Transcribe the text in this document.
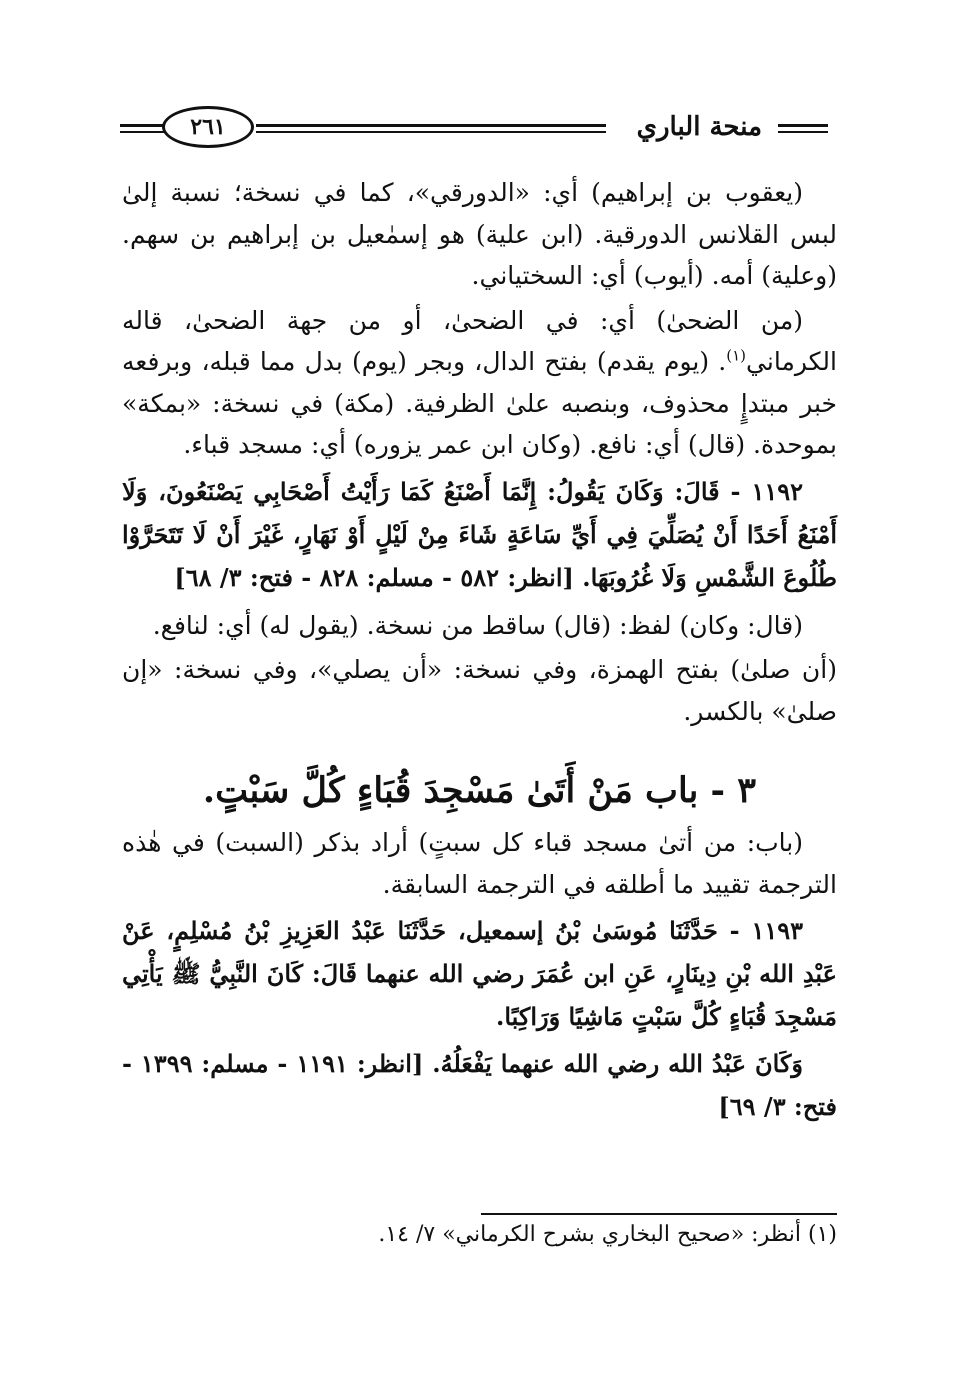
٢٦١	منحة الباري

(يعقوب بن إبراهيم) أي: «الدورقي»، كما في نسخة؛ نسبة إلىٰ لبس القلانس الدورقية. (ابن علية) هو إسمٰعيل بن إبراهيم بن سهم. (وعلية) أمه. (أيوب) أي: السختياني.

(من الضحىٰ) أي: في الضحىٰ، أو من جهة الضحىٰ، قاله الكرماني$^{(١)}$. (يوم يقدم) بفتح الدال، وبجر (يوم) بدل مما قبله، وبرفعه خبر مبتدإٍ محذوف، وبنصبه علىٰ الظرفية. (مكة) في نسخة: «بمكة» بموحدة. (قال) أي: نافع. (وكان ابن عمر يزوره) أي: مسجد قباء.

١١٩٢ - قَالَ: وَكَانَ يَقُولُ: إِنَّمَا أَصْنَعُ كَمَا رَأَيْتُ أَصْحَابِي يَصْنَعُونَ، وَلَا أَمْنَعُ أَحَدًا أَنْ يُصَلِّيَ فِي أَيِّ سَاعَةٍ شَاءَ مِنْ لَيْلٍ أَوْ نَهَارٍ، غَيْرَ أَنْ لَا تَتَحَرَّوْا طُلُوعَ الشَّمْسِ وَلَا غُرُوبَهَا. [انظر: ٥٨٢ - مسلم: ٨٢٨ - فتح: ٣/ ٦٨]

(قال: وكان) لفظ: (قال) ساقط من نسخة. (يقول له) أي: لنافع.

(أن صلىٰ) بفتح الهمزة، وفي نسخة: «أن يصلي»، وفي نسخة: «إن صلىٰ» بالكسر.

٣ - باب مَنْ أَتَىٰ مَسْجِدَ قُبَاءٍ كُلَّ سَبْتٍ.

(باب: من أتىٰ مسجد قباء كل سبتٍ) أراد بذكر (السبت) في هٰذه الترجمة تقييد ما أطلقه في الترجمة السابقة.

١١٩٣ - حَدَّثَنَا مُوسَىٰ بْنُ إسمعيل، حَدَّثَنَا عَبْدُ العَزِيزِ بْنُ مُسْلِمٍ، عَنْ عَبْدِ الله بْنِ دِينَارٍ، عَنِ ابن عُمَرَ رضي الله عنهما قَالَ: كَانَ النَّبِيُّ ﷺ يَأْتِي مَسْجِدَ قُبَاءٍ كُلَّ سَبْتٍ مَاشِيًا وَرَاكِبًا.

وَكَانَ عَبْدُ الله رضي الله عنهما يَفْعَلُهُ. [انظر: ١١٩١ - مسلم: ١٣٩٩ - فتح: ٣/ ٦٩]

(١) أنظر: «صحيح البخاري بشرح الكرماني» ٧/ ١٤.
